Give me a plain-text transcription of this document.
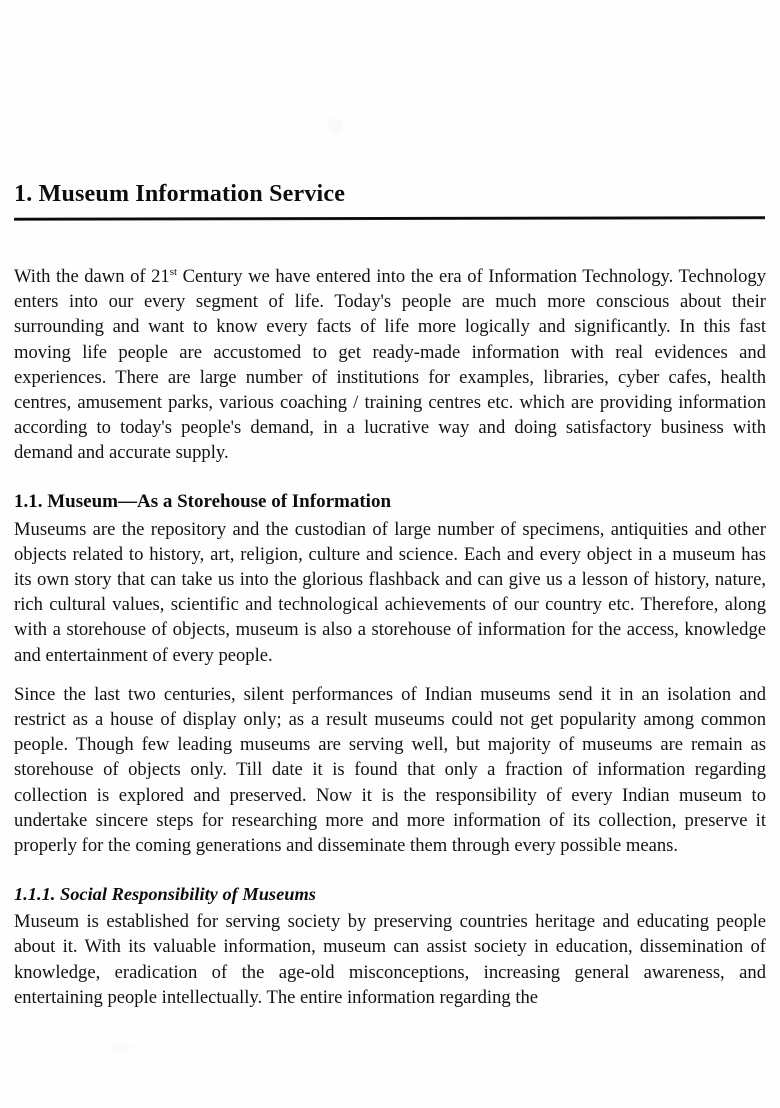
1. Museum Information Service

With the dawn of 21st Century we have entered into the era of Information Technology. Technology enters into our every segment of life. Today's people are much more conscious about their surrounding and want to know every facts of life more logically and significantly. In this fast moving life people are accustomed to get ready-made information with real evidences and experiences. There are large number of institutions for examples, libraries, cyber cafes, health centres, amusement parks, various coaching / training centres etc. which are providing information according to today's people's demand, in a lucrative way and doing satisfactory business with demand and accurate supply.

1.1. Museum—As a Storehouse of Information

Museums are the repository and the custodian of large number of specimens, antiquities and other objects related to history, art, religion, culture and science. Each and every object in a museum has its own story that can take us into the glorious flashback and can give us a lesson of history, nature, rich cultural values, scientific and technological achievements of our country etc. Therefore, along with a storehouse of objects, museum is also a storehouse of information for the access, knowledge and entertainment of every people.

Since the last two centuries, silent performances of Indian museums send it in an isolation and restrict as a house of display only; as a result museums could not get popularity among common people. Though few leading museums are serving well, but majority of museums are remain as storehouse of objects only. Till date it is found that only a fraction of information regarding collection is explored and preserved. Now it is the responsibility of every Indian museum to undertake sincere steps for researching more and more information of its collection, preserve it properly for the coming generations and disseminate them through every possible means.

1.1.1. Social Responsibility of Museums

Museum is established for serving society by preserving countries heritage and educating people about it. With its valuable information, museum can assist society in education, dissemination of knowledge, eradication of the age-old misconceptions, increasing general awareness, and entertaining people intellectually. The entire information regarding the
